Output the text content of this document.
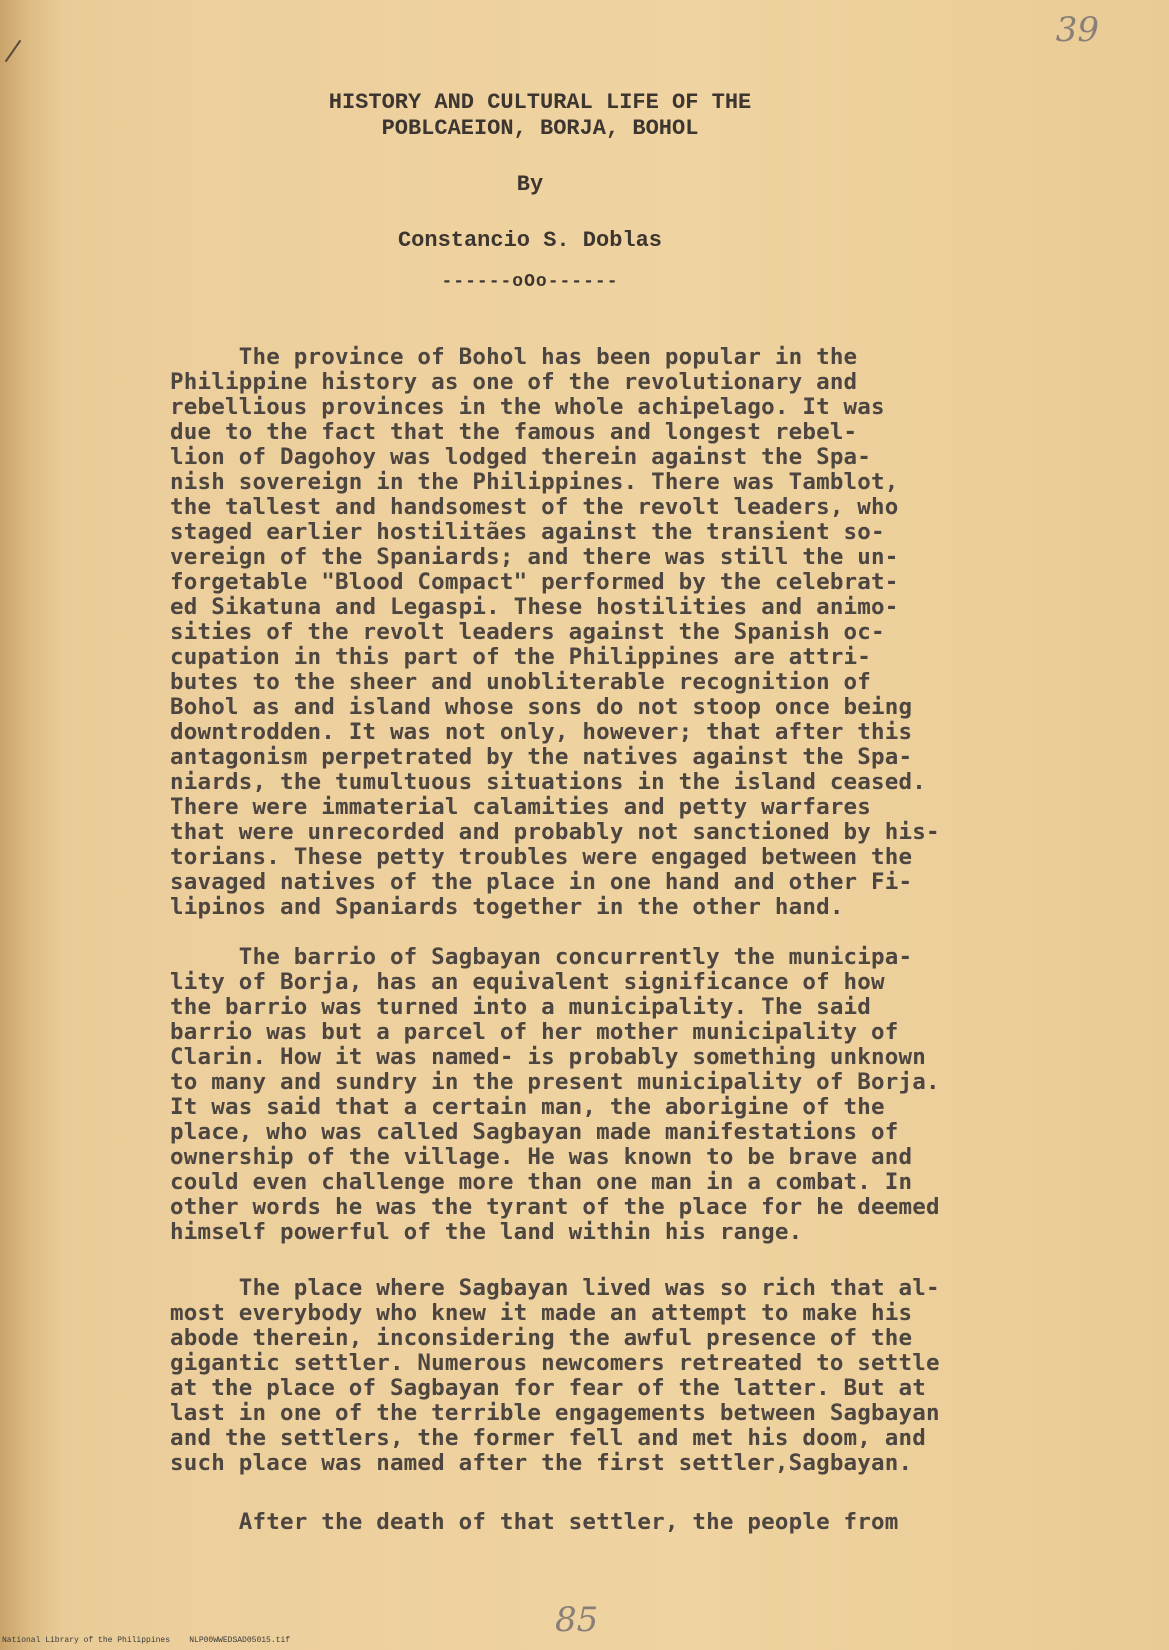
39
HISTORY AND CULTURAL LIFE OF THE
POBLCAEION, BORJA, BOHOL
By
Constancio S. Doblas
------oOo------
The province of Bohol has been popular in the
Philippine history as one of the revolutionary and
rebellious provinces in the whole achipelago. It was
due to the fact that the famous and longest rebel-
lion of Dagohoy was lodged therein against the Spa-
nish sovereign in the Philippines. There was Tamblot,
the tallest and handsomest of the revolt leaders, who
staged earlier hostilitães against the transient so-
vereign of the Spaniards; and there was still the un-
forgetable "Blood Compact" performed by the celebrat-
ed Sikatuna and Legaspi. These hostilities and animo-
sities of the revolt leaders against the Spanish oc-
cupation in this part of the Philippines are attri-
butes to the sheer and unobliterable recognition of
Bohol as and island whose sons do not stoop once being
downtrodden. It was not only, however; that after this
antagonism perpetrated by the natives against the Spa-
niards, the tumultuous situations in the island ceased.
There were immaterial calamities and petty warfares
that were unrecorded and probably not sanctioned by his-
torians. These petty troubles were engaged between the
savaged natives of the place in one hand and other Fi-
lipinos and Spaniards together in the other hand.
The barrio of Sagbayan concurrently the municipa-
lity of Borja, has an equivalent significance of how
the barrio was turned into a municipality. The said
barrio was but a parcel of her mother municipality of
Clarin. How it was named- is probably something unknown
to many and sundry in the present municipality of Borja.
It was said that a certain man, the aborigine of the
place, who was called Sagbayan made manifestations of
ownership of the village. He was known to be brave and
could even challenge more than one man in a combat. In
other words he was the tyrant of the place for he deemed
himself powerful of the land within his range.
The place where Sagbayan lived was so rich that al-
most everybody who knew it made an attempt to make his
abode therein, inconsidering the awful presence of the
gigantic settler. Numerous newcomers retreated to settle
at the place of Sagbayan for fear of the latter. But at
last in one of the terrible engagements between Sagbayan
and the settlers, the former fell and met his doom, and
such place was named after the first settler,Sagbayan.
After the death of that settler, the people from
85
National Library of the Philippines    NLP00WWEDSAD05015.tif
